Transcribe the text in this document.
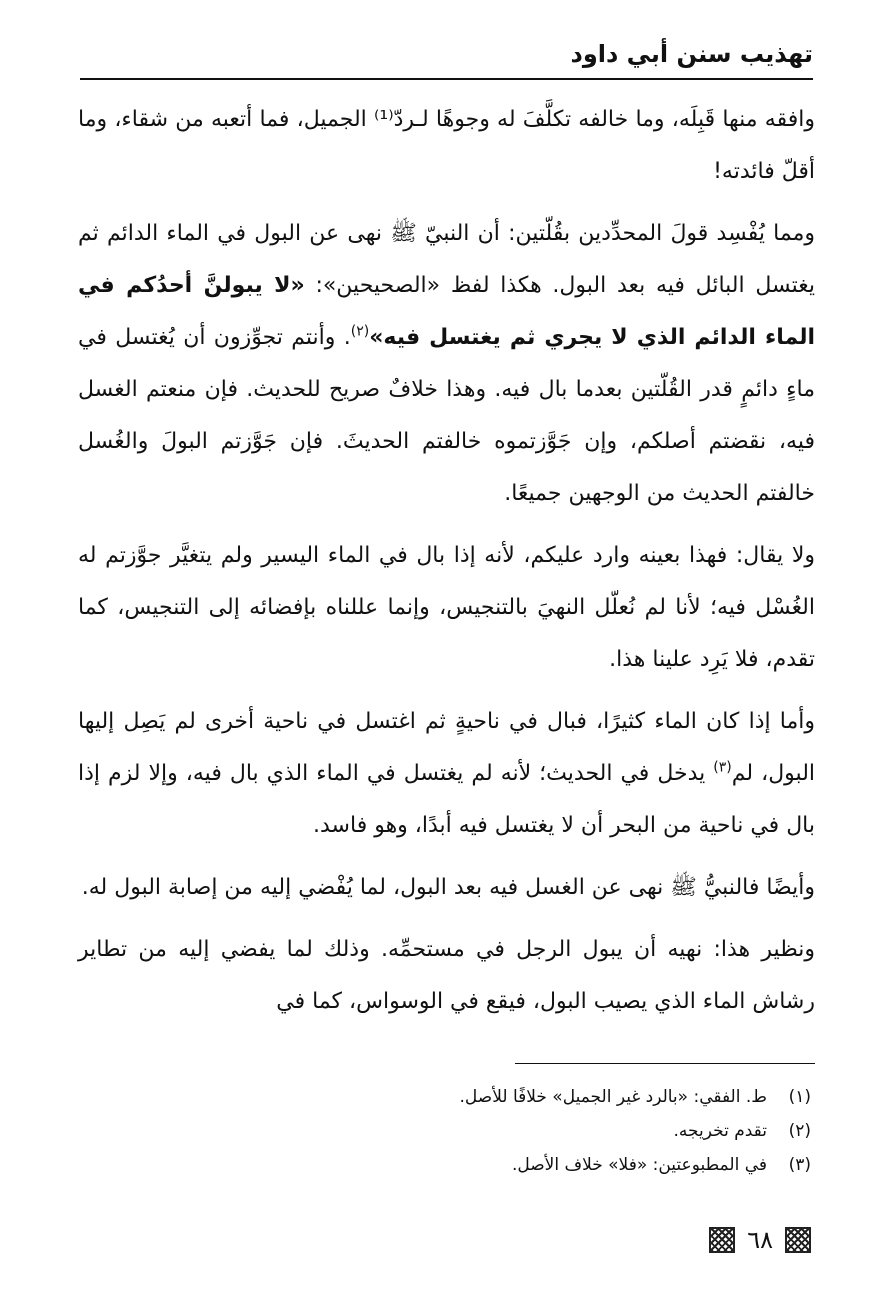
تهذيب سنن أبي داود

وافقه منها قَبِلَه، وما خالفه تكلَّفَ له وجوهًا لـردّ⁽¹⁾ الجميل، فما أتعبه من شقاء، وما أقلّ فائدته!

ومما يُفْسِد قولَ المحدِّدين بقُلّتين: أن النبيّ ﷺ نهى عن البول في الماء الدائم ثم يغتسل البائل فيه بعد البول. هكذا لفظ «الصحيحين»: «لا يبولنَّ أحدُكم في الماء الدائم الذي لا يجري ثم يغتسل فيه»$^{(٢)}$. وأنتم تجوِّزون أن يُغتسل في ماءٍ دائمٍ قدر القُلّتين بعدما بال فيه. وهذا خلافٌ صريح للحديث. فإن منعتم الغسل فيه، نقضتم أصلكم، وإن جَوَّزتموه خالفتم الحديثَ. فإن جَوَّزتم البولَ والغُسل خالفتم الحديث من الوجهين جميعًا.

ولا يقال: فهذا بعينه وارد عليكم، لأنه إذا بال في الماء اليسير ولم يتغيَّر جوَّزتم له الغُسْل فيه؛ لأنا لم نُعلّل النهيَ بالتنجيس، وإنما عللناه بإفضائه إلى التنجيس، كما تقدم، فلا يَرِد علينا هذا.

وأما إذا كان الماء كثيرًا، فبال في ناحيةٍ ثم اغتسل في ناحية أخرى لم يَصِل إليها البول، لم$^{(٣)}$ يدخل في الحديث؛ لأنه لم يغتسل في الماء الذي بال فيه، وإلا لزم إذا بال في ناحية من البحر أن لا يغتسل فيه أبدًا، وهو فاسد.

وأيضًا فالنبيُّ ﷺ نهى عن الغسل فيه بعد البول، لما يُفْضي إليه من إصابة البول له.

ونظير هذا: نهيه أن يبول الرجل في مستحمِّه. وذلك لما يفضي إليه من تطاير رشاش الماء الذي يصيب البول، فيقع في الوسواس، كما في

(١)
ط. الفقي: «بالرد غير الجميل» خلافًا للأصل.
(٢)
تقدم تخريجه.
(٣)
في المطبوعتين: «فلا» خلاف الأصل.
٦٨
